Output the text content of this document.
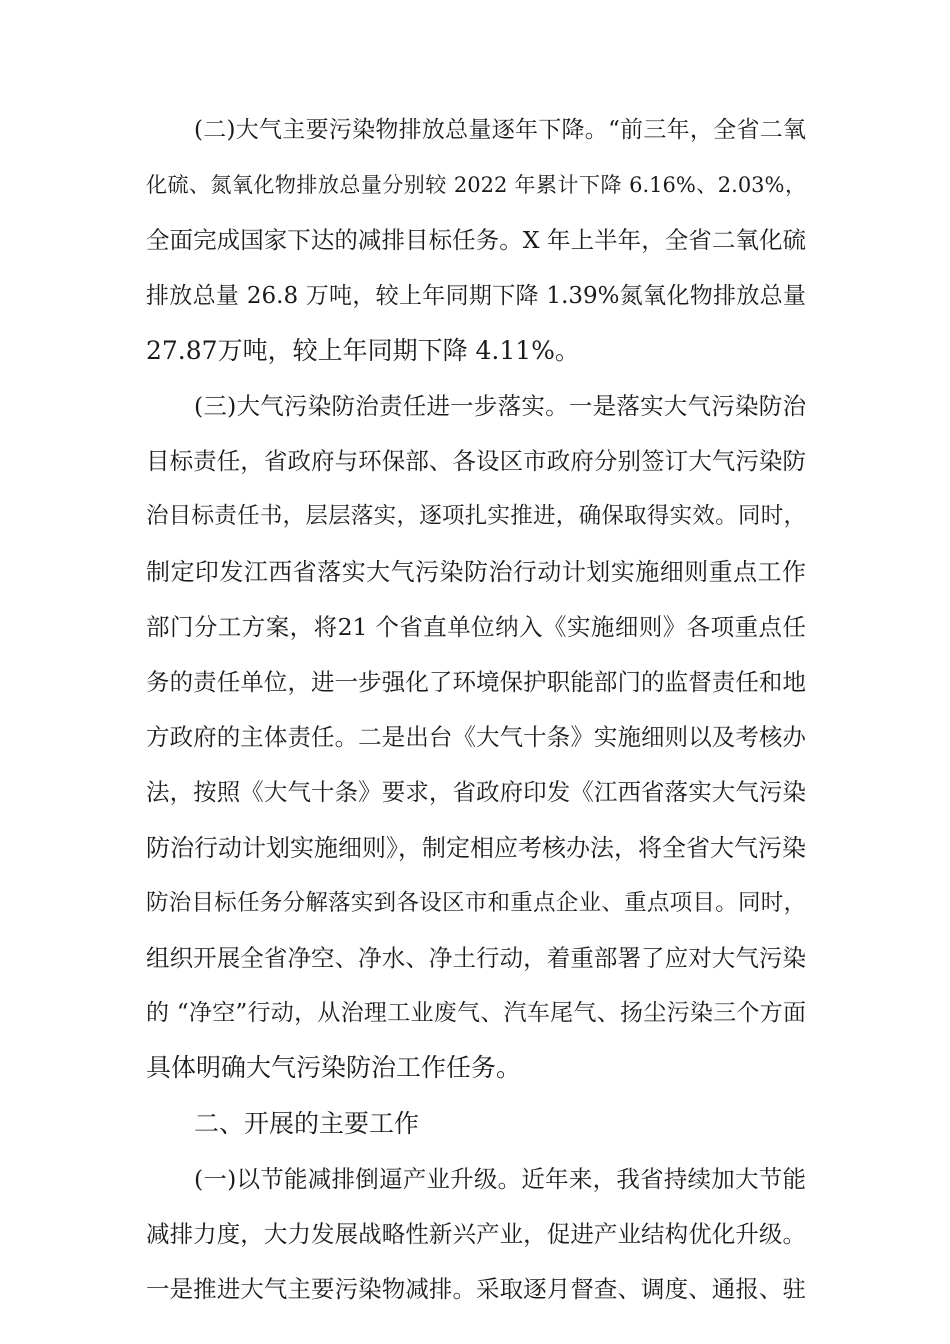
(二)大气主要污染物排放总量逐年下降。“前三年，全省二氧
化硫、氮氧化物排放总量分别较 2022 年累计下降 6.16%、2.03%，
全面完成国家下达的减排目标任务。X 年上半年，全省二氧化硫
排放总量 26.8 万吨，较上年同期下降 1.39%氮氧化物排放总量
27.87万吨，较上年同期下降 4.11%。
(三)大气污染防治责任进一步落实。一是落实大气污染防治
目标责任，省政府与环保部、各设区市政府分别签订大气污染防
治目标责任书，层层落实，逐项扎实推进，确保取得实效。同时，
制定印发江西省落实大气污染防治行动计划实施细则重点工作
部门分工方案，将21 个省直单位纳入《实施细则》各项重点任
务的责任单位，进一步强化了环境保护职能部门的监督责任和地
方政府的主体责任。二是出台《大气十条》实施细则以及考核办
法，按照《大气十条》要求，省政府印发《江西省落实大气污染
防治行动计划实施细则》，制定相应考核办法，将全省大气污染
防治目标任务分解落实到各设区市和重点企业、重点项目。同时，
组织开展全省净空、净水、净土行动，着重部署了应对大气污染
的 “净空”行动，从治理工业废气、汽车尾气、扬尘污染三个方面
具体明确大气污染防治工作任务。
二、开展的主要工作
(一)以节能减排倒逼产业升级。近年来，我省持续加大节能
减排力度，大力发展战略性新兴产业，促进产业结构优化升级。
一是推进大气主要污染物减排。采取逐月督查、调度、通报、驻
